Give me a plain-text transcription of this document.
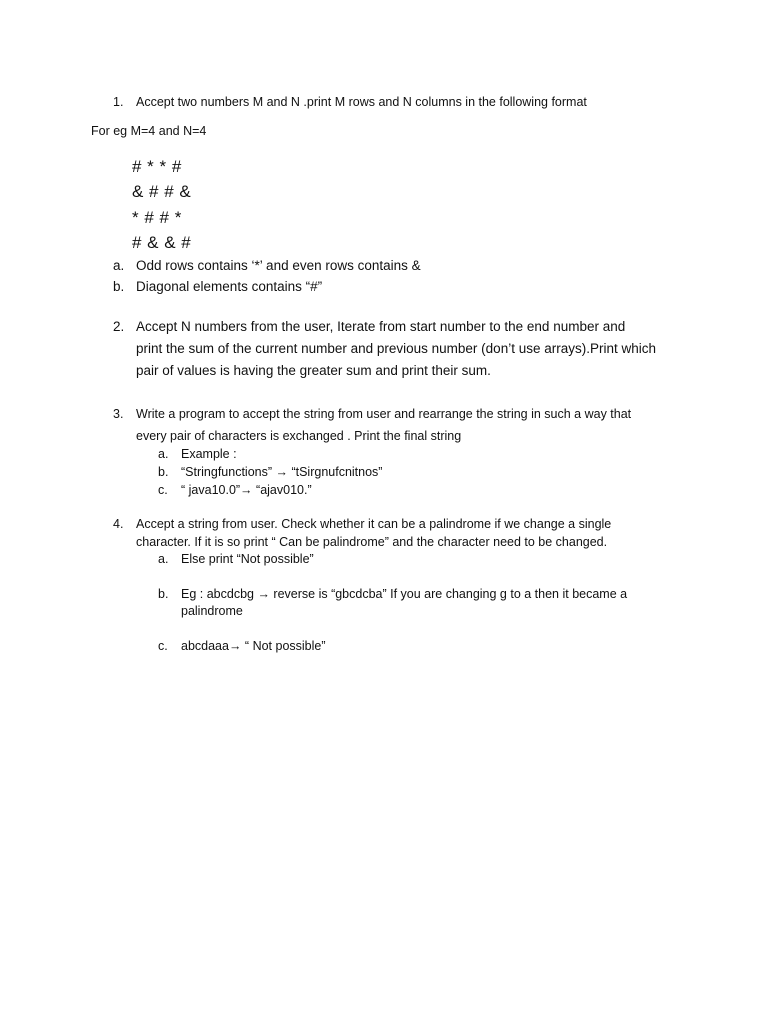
1. Accept two numbers M and N .print M rows and N columns in the following format
For eg M=4 and N=4
# * * #
& # # &
* # # *
# & & #
a. Odd rows contains ‘*’ and even rows contains &
b. Diagonal elements contains “#”
2. Accept N numbers from the user, Iterate from start number to the end number and
print the sum of the current number and previous number (don’t use arrays).Print which
pair of values is having the greater sum and print their sum.
3. Write a program to accept the string from user and rearrange the string in such a way that
every pair of characters is exchanged . Print the final string
a. Example :
b. “Stringfunctions” → “tSirgnufcnitnos”
c. “ java10.0”→ “ajav010.”
4. Accept a string from user. Check whether it can be a palindrome if we change a single
character. If it is so print “ Can be palindrome” and the character need to be changed.
a. Else print “Not possible”
b. Eg : abcdcbg → reverse is “gbcdcba” If you are changing g to a then it became a
palindrome
c. abcdaaa→ “ Not possible”
